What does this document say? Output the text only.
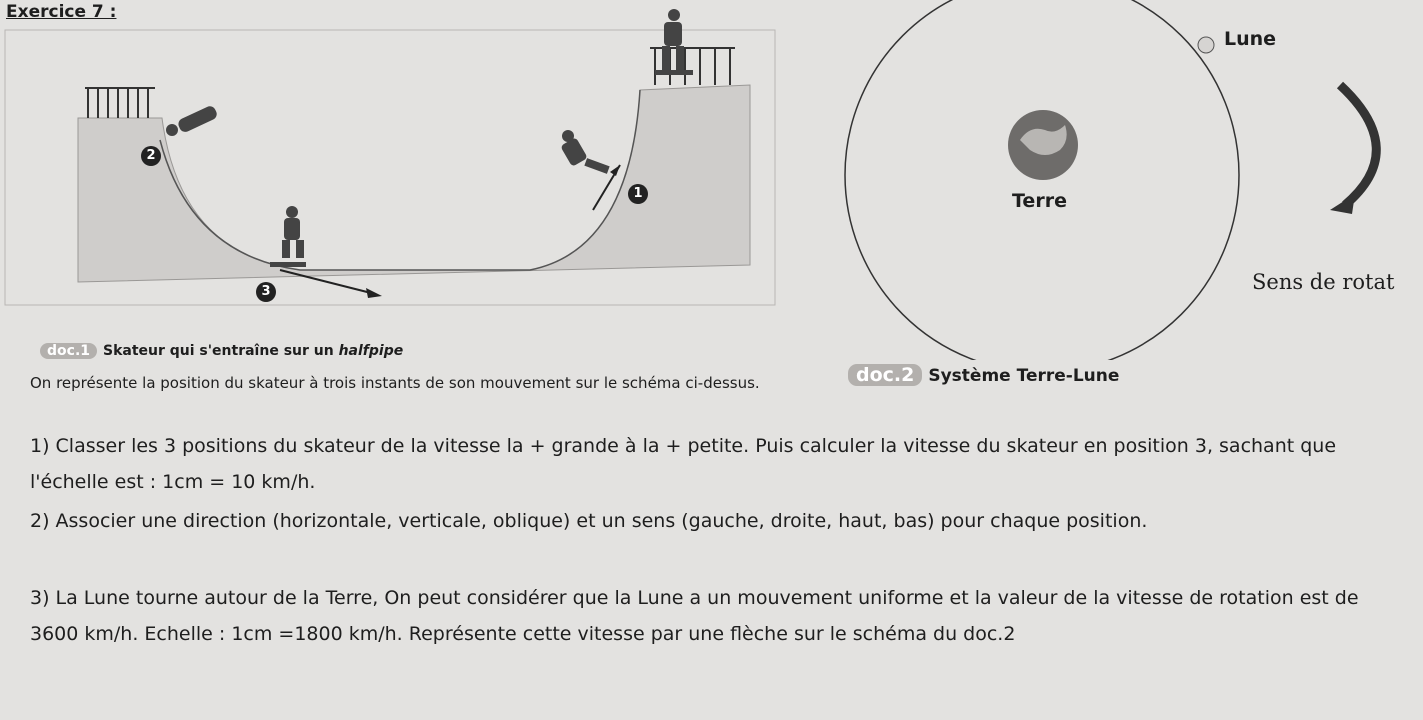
Exercice 7 :
1
2
3
doc.1 Skateur qui s'entraîne sur un halfpipe
On représente la position du skateur à trois instants de son mouvement sur le schéma ci-dessus.
Lune
Terre
Sens de rotat
doc.2 Système Terre-Lune
1) Classer les 3 positions du skateur de la vitesse la + grande à la + petite. Puis calculer la vitesse du skateur en position 3, sachant que l'échelle est : 1cm = 10 km/h.
2) Associer une direction (horizontale, verticale, oblique) et un sens (gauche, droite, haut, bas) pour chaque position.
3) La Lune tourne autour de la Terre, On peut considérer que la Lune a un mouvement uniforme et la valeur de la vitesse de rotation est de 3600 km/h. Echelle : 1cm =1800 km/h. Représente cette vitesse par une flèche sur le schéma du doc.2
